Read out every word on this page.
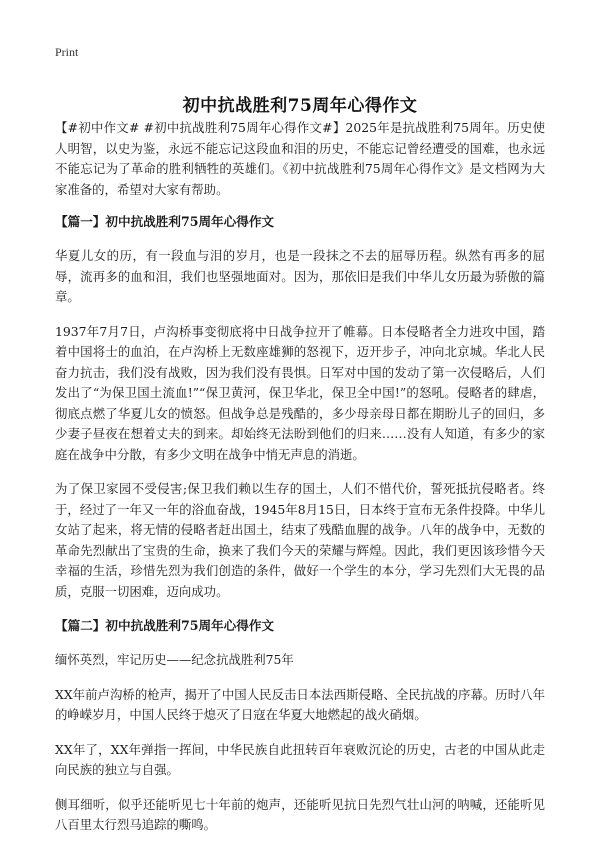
Print
初中抗战胜利75周年心得作文

【#初中作文# #初中抗战胜利75周年心得作文#】2025年是抗战胜利75周年。历史使人明智，以史为鉴，永远不能忘记这段血和泪的历史，不能忘记曾经遭受的国难，也永远不能忘记为了革命的胜利牺牲的英雄们。《初中抗战胜利75周年心得作文》是文档网为大家准备的，希望对大家有帮助。

【篇一】初中抗战胜利75周年心得作文

华夏儿女的历，有一段血与泪的岁月，也是一段抹之不去的屈辱历程。纵然有再多的屈辱，流再多的血和泪，我们也坚强地面对。因为，那依旧是我们中华儿女历最为骄傲的篇章。

1937年7月7日，卢沟桥事变彻底将中日战争拉开了帷幕。日本侵略者全力进攻中国，踏着中国将士的血泊，在卢沟桥上无数座雄狮的怒视下，迈开步子，冲向北京城。华北人民奋力抗击，我们没有战败，因为我们没有畏惧。日军对中国的发动了第一次侵略后，人们发出了“为保卫国土流血!”“保卫黄河，保卫华北，保卫全中国!”的怒吼。侵略者的肆虐，彻底点燃了华夏儿女的愤怒。但战争总是残酷的，多少母亲母日都在期盼儿子的回归，多少妻子昼夜在想着丈夫的到来。却始终无法盼到他们的归来……没有人知道，有多少的家庭在战争中分散，有多少文明在战争中悄无声息的消逝。

为了保卫家园不受侵害;保卫我们赖以生存的国土，人们不惜代价，誓死抵抗侵略者。终于，经过了一年又一年的浴血奋战，1945年8月15日，日本终于宣布无条件投降。中华儿女站了起来，将无情的侵略者赶出国土，结束了残酷血腥的战争。八年的战争中，无数的革命先烈献出了宝贵的生命，换来了我们今天的荣耀与辉煌。因此，我们更因该珍惜今天幸福的生活，珍惜先烈为我们创造的条件，做好一个学生的本分，学习先烈们大无畏的品质，克服一切困难，迈向成功。

【篇二】初中抗战胜利75周年心得作文

缅怀英烈，牢记历史——纪念抗战胜利75年

XX年前卢沟桥的枪声，揭开了中国人民反击日本法西斯侵略、全民抗战的序幕。历时八年的峥嵘岁月，中国人民终于熄灭了日寇在华夏大地燃起的战火硝烟。

XX年了，XX年弹指一挥间，中华民族自此扭转百年衰败沉论的历史，古老的中国从此走向民族的独立与自强。

侧耳细听，似乎还能听见七十年前的炮声，还能听见抗日先烈气壮山河的呐喊，还能听见八百里太行烈马追踪的嘶鸣。
